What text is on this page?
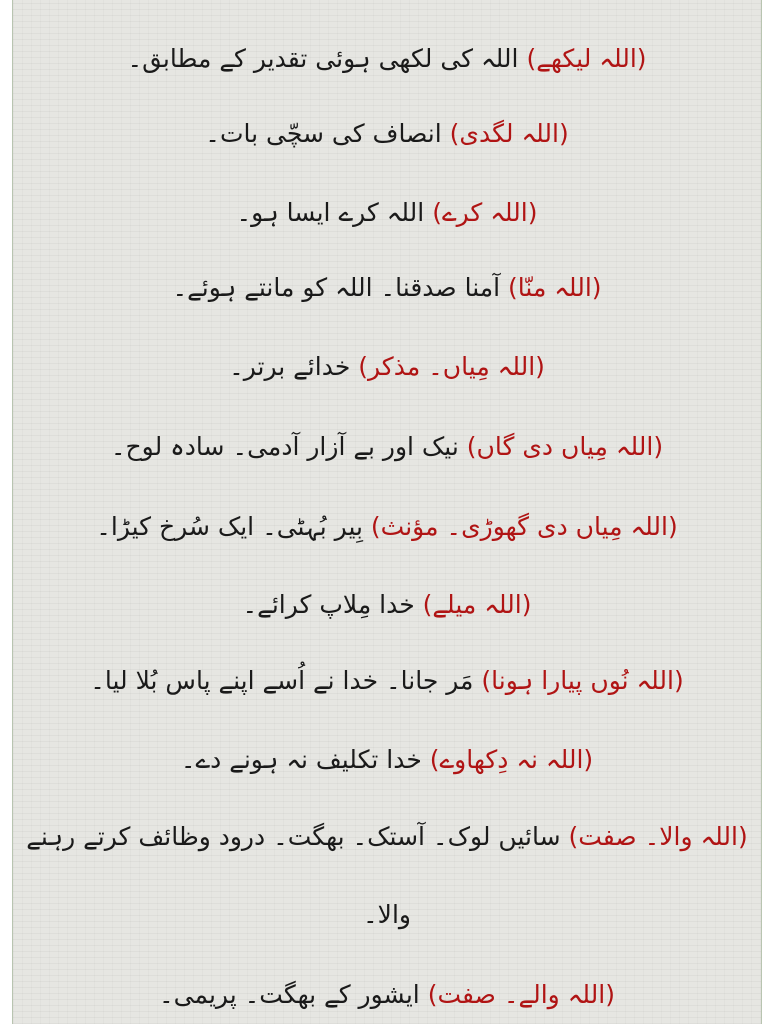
(اللہ لیکھے) اللہ کی لکھی ہوئی تقدیر کے مطابق۔
(اللہ لگدی) انصاف کی سچّی بات۔
(اللہ کرے) اللہ کرے ایسا ہو۔
(اللہ منّا) آمنا صدقنا۔ اللہ کو مانتے ہوئے۔
(اللہ مِیاں۔ مذکر) خدائے برتر۔
(اللہ مِیاں دی گاں) نیک اور بے آزار آدمی۔ سادہ لوح۔
(اللہ مِیاں دی گھوڑی۔ مؤنث) بِیر بُہٹی۔ ایک سُرخ کیڑا۔
(اللہ میلے) خدا مِلاپ کرائے۔
(اللہ نُوں پیارا ہونا) مَر جانا۔ خدا نے اُسے اپنے پاس بُلا لیا۔
(اللہ نہ دِکھاوے) خدا تکلیف نہ ہونے دے۔
(اللہ والا۔ صفت) سائیں لوک۔ آستک۔ بھگت۔ درود وظائف کرتے رہنے والا۔
(اللہ والے۔ صفت) ایشور کے بھگت۔ پریمی۔
